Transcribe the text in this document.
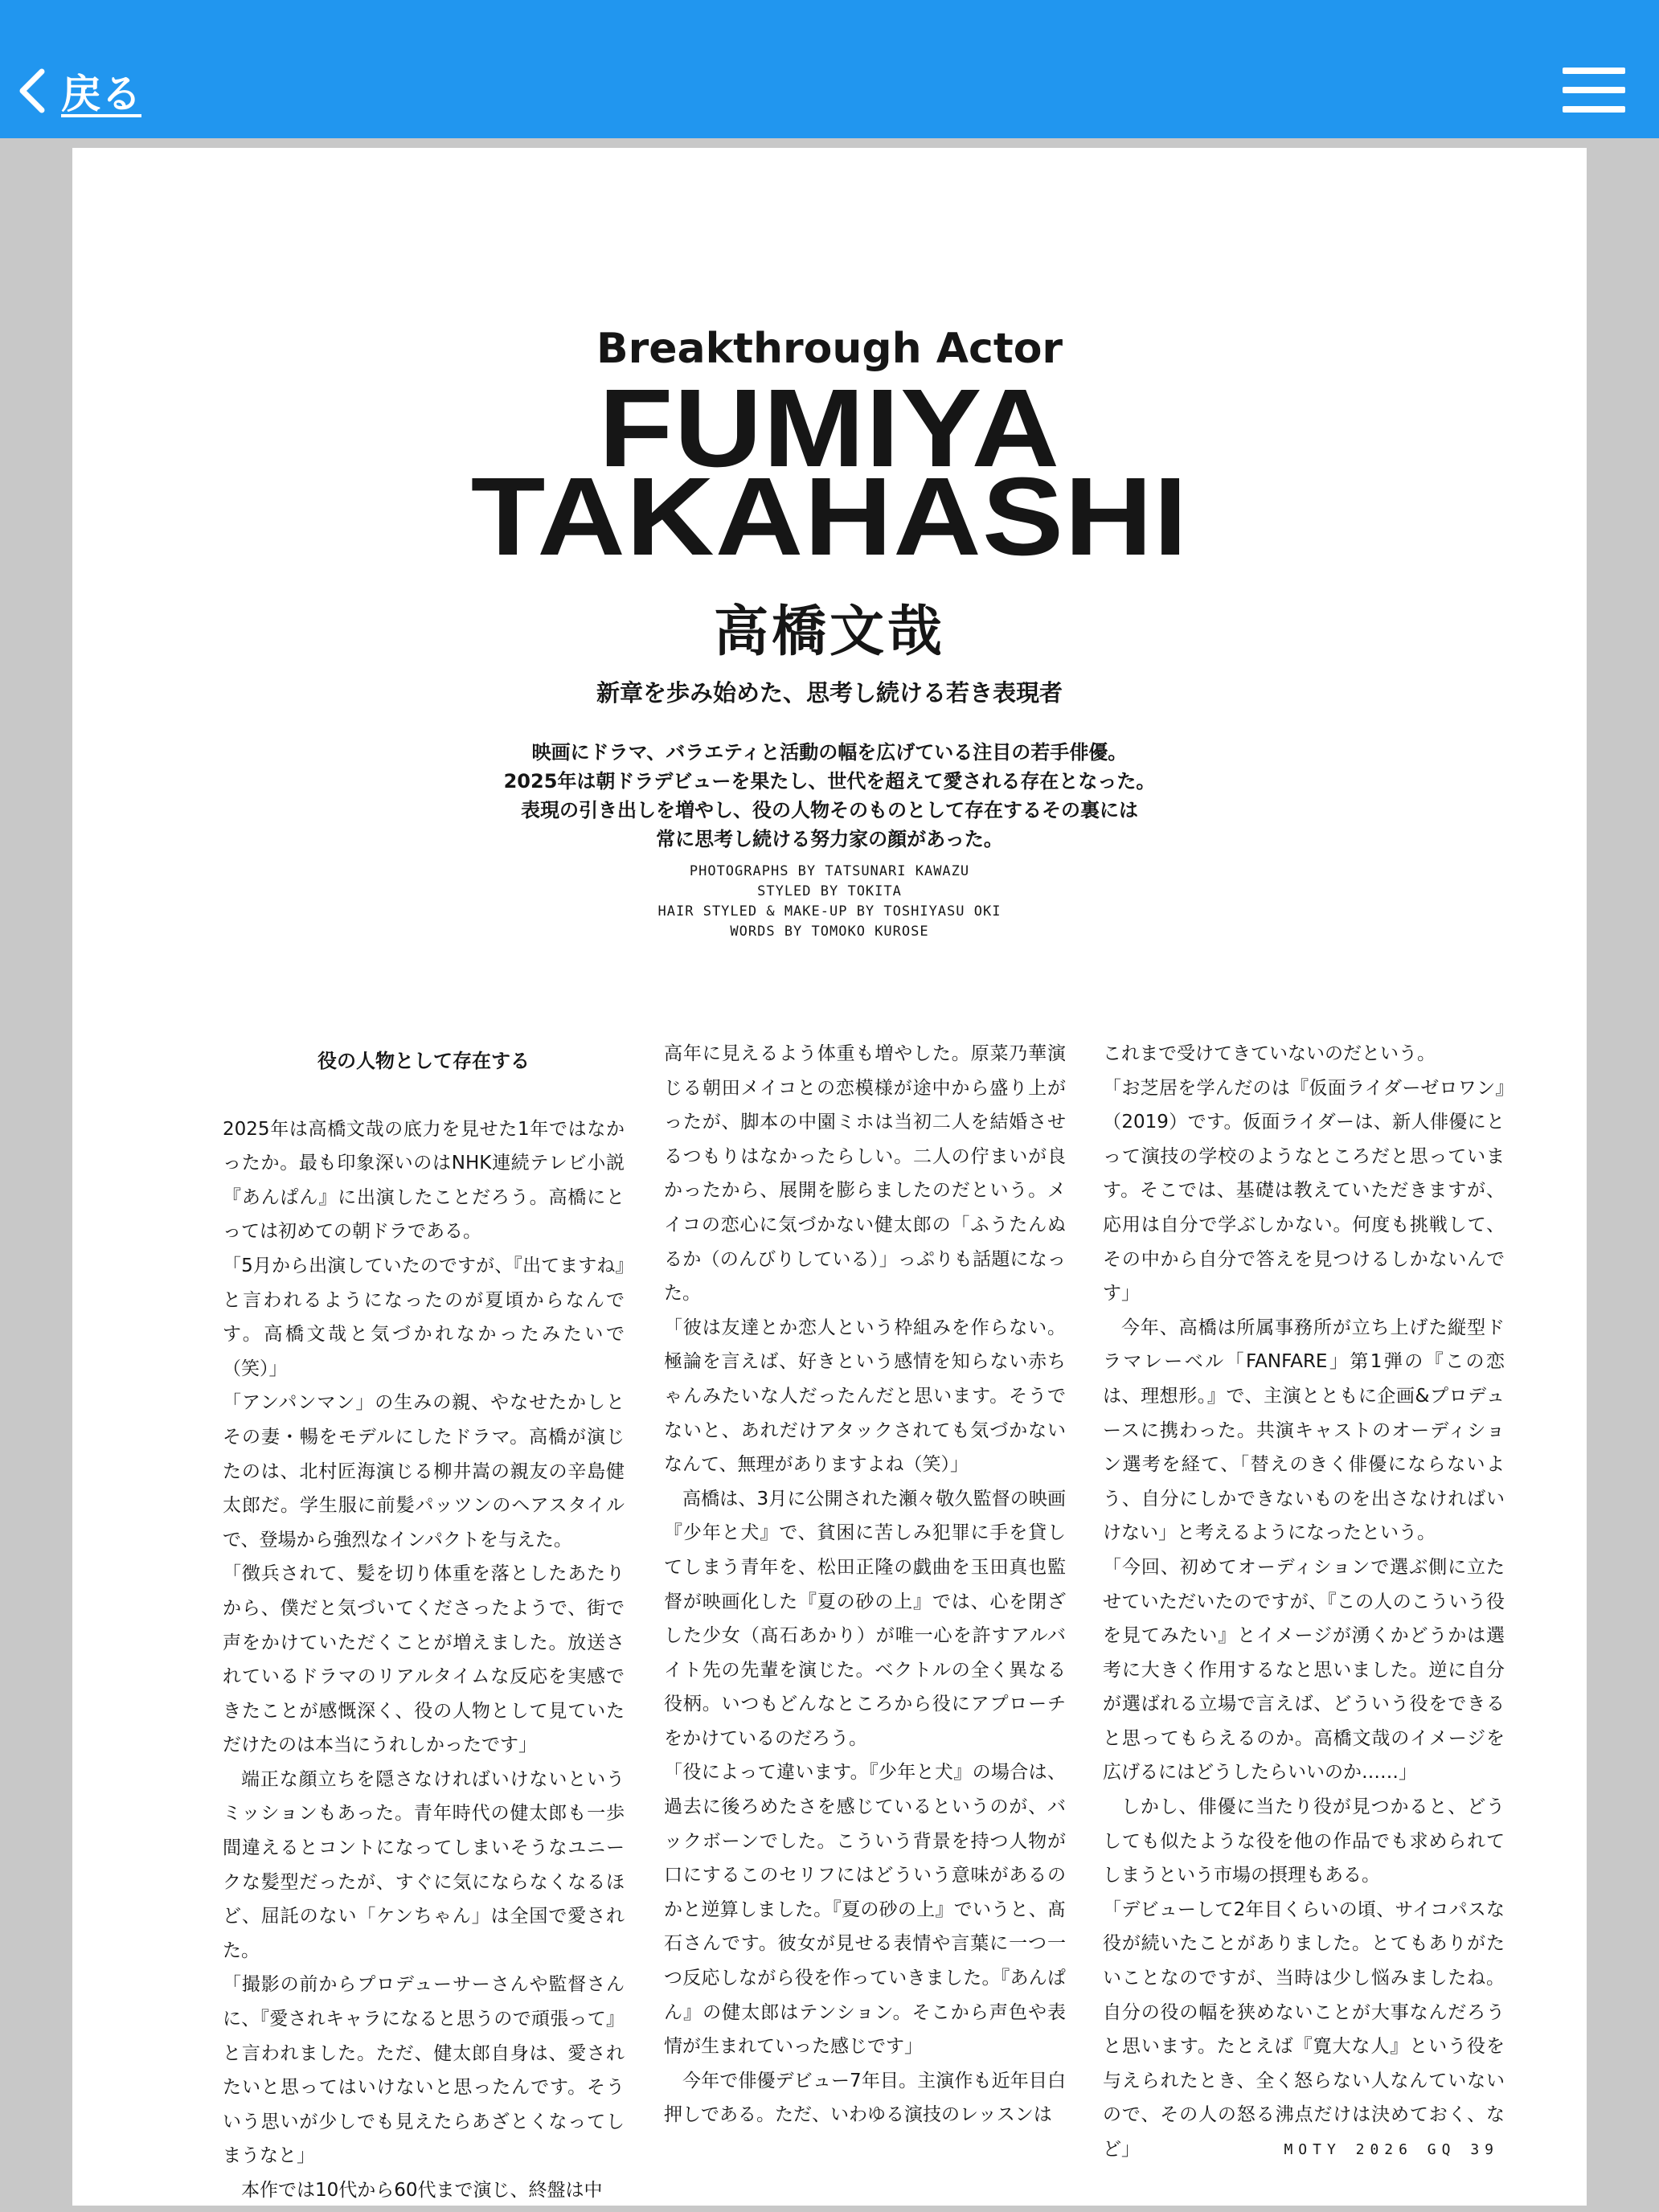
戻る
Breakthrough Actor
FUMIYA
TAKAHASHI
高橋文哉
新章を歩み始めた、思考し続ける若き表現者
映画にドラマ、バラエティと活動の幅を広げている注目の若手俳優。
2025年は朝ドラデビューを果たし、世代を超えて愛される存在となった。
表現の引き出しを増やし、役の人物そのものとして存在するその裏には
常に思考し続ける努力家の顔があった。
PHOTOGRAPHS BY TATSUNARI KAWAZU
STYLED BY TOKITA
HAIR STYLED & MAKE-UP BY TOSHIYASU OKI
WORDS BY TOMOKO KUROSE

役の人物として存在する

2025年は高橋文哉の底力を見せた1年ではなかったか。最も印象深いのはNHK連続テレビ小説『あんぱん』に出演したことだろう。高橋にとっては初めての朝ドラである。

「5月から出演していたのですが、『出てますね』と言われるようになったのが夏頃からなんです。高橋文哉と気づかれなかったみたいで（笑）」

「アンパンマン」の生みの親、やなせたかしとその妻・暢をモデルにしたドラマ。高橋が演じたのは、北村匠海演じる柳井嵩の親友の辛島健太郎だ。学生服に前髪パッツンのヘアスタイルで、登場から強烈なインパクトを与えた。

「徴兵されて、髪を切り体重を落としたあたりから、僕だと気づいてくださったようで、街で声をかけていただくことが増えました。放送されているドラマのリアルタイムな反応を実感できたことが感慨深く、役の人物として見ていただけたのは本当にうれしかったです」

端正な顔立ちを隠さなければいけないというミッションもあった。青年時代の健太郎も一歩間違えるとコントになってしまいそうなユニークな髪型だったが、すぐに気にならなくなるほど、屈託のない「ケンちゃん」は全国で愛された。

「撮影の前からプロデューサーさんや監督さんに、『愛されキャラになると思うので頑張って』と言われました。ただ、健太郎自身は、愛されたいと思ってはいけないと思ったんです。そういう思いが少しでも見えたらあざとくなってしまうなと」

本作では10代から60代まで演じ、終盤は中

高年に見えるよう体重も増やした。原菜乃華演じる朝田メイコとの恋模様が途中から盛り上がったが、脚本の中園ミホは当初二人を結婚させるつもりはなかったらしい。二人の佇まいが良かったから、展開を膨らましたのだという。メイコの恋心に気づかない健太郎の「ふうたんぬるか（のんびりしている）」っぷりも話題になった。

「彼は友達とか恋人という枠組みを作らない。極論を言えば、好きという感情を知らない赤ちゃんみたいな人だったんだと思います。そうでないと、あれだけアタックされても気づかないなんて、無理がありますよね（笑）」

高橋は、3月に公開された瀬々敬久監督の映画『少年と犬』で、貧困に苦しみ犯罪に手を貸してしまう青年を、松田正隆の戯曲を玉田真也監督が映画化した『夏の砂の上』では、心を閉ざした少女（髙石あかり）が唯一心を許すアルバイト先の先輩を演じた。ベクトルの全く異なる役柄。いつもどんなところから役にアプローチをかけているのだろう。

「役によって違います。『少年と犬』の場合は、過去に後ろめたさを感じているというのが、バックボーンでした。こういう背景を持つ人物が口にするこのセリフにはどういう意味があるのかと逆算しました。『夏の砂の上』でいうと、髙石さんです。彼女が見せる表情や言葉に一つ一つ反応しながら役を作っていきました。『あんぱん』の健太郎はテンション。そこから声色や表情が生まれていった感じです」

今年で俳優デビュー7年目。主演作も近年目白押しである。ただ、いわゆる演技のレッスンは

これまで受けてきていないのだという。

「お芝居を学んだのは『仮面ライダーゼロワン』（2019）です。仮面ライダーは、新人俳優にとって演技の学校のようなところだと思っています。そこでは、基礎は教えていただきますが、応用は自分で学ぶしかない。何度も挑戦して、その中から自分で答えを見つけるしかないんです」

今年、高橋は所属事務所が立ち上げた縦型ドラマレーベル「FANFARE」第1弾の『この恋は、理想形。』で、主演とともに企画&プロデュースに携わった。共演キャストのオーディション選考を経て、「替えのきく俳優にならないよう、自分にしかできないものを出さなければいけない」と考えるようになったという。

「今回、初めてオーディションで選ぶ側に立たせていただいたのですが、『この人のこういう役を見てみたい』とイメージが湧くかどうかは選考に大きく作用するなと思いました。逆に自分が選ばれる立場で言えば、どういう役をできると思ってもらえるのか。高橋文哉のイメージを広げるにはどうしたらいいのか……」

しかし、俳優に当たり役が見つかると、どうしても似たような役を他の作品でも求められてしまうという市場の摂理もある。

「デビューして2年目くらいの頃、サイコパスな役が続いたことがありました。とてもありがたいことなのですが、当時は少し悩みましたね。自分の役の幅を狭めないことが大事なんだろうと思います。たとえば『寛大な人』という役を与えられたとき、全く怒らない人なんていないので、その人の怒る沸点だけは決めておく、など」	MOTY 2026 GQ 39
